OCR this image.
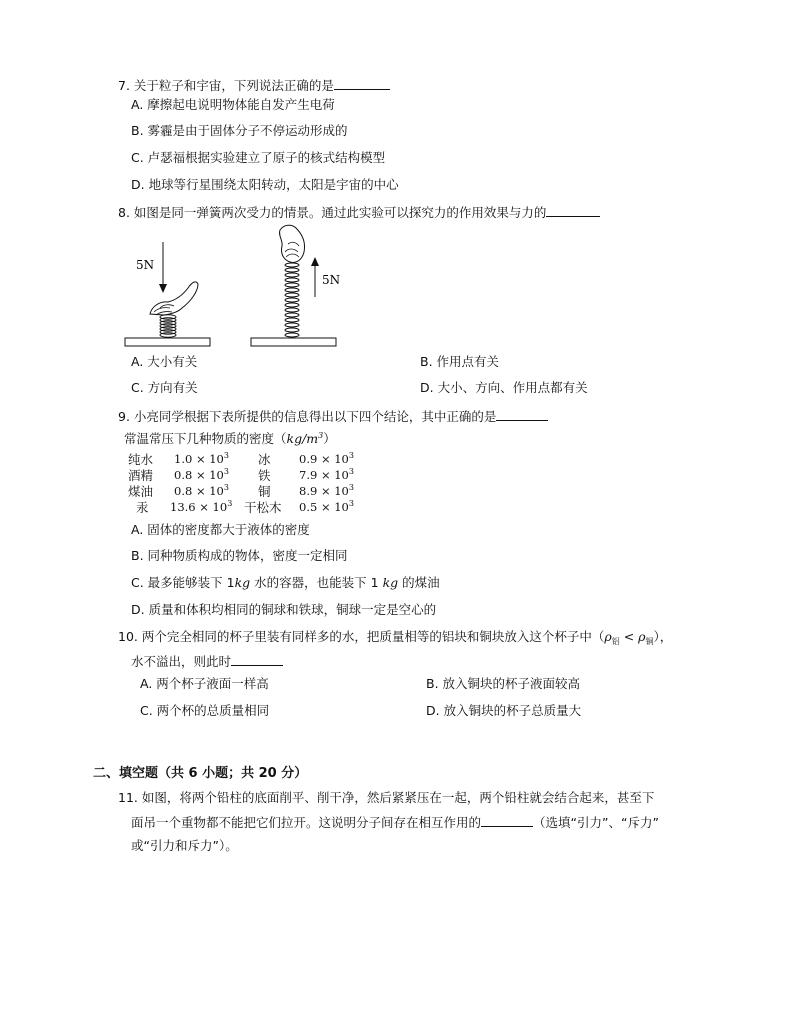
7. 关于粒子和宇宙，下列说法正确的是
A. 摩擦起电说明物体能自发产生电荷
B. 雾霾是由于固体分子不停运动形成的
C. 卢瑟福根据实验建立了原子的核式结构模型
D. 地球等行星围绕太阳转动，太阳是宇宙的中心
8. 如图是同一弹簧两次受力的情景。通过此实验可以探究力的作用效果与力的
5N
5N
A. 大小有关	B. 作用点有关
C. 方向有关	D. 大小、方向、作用点都有关
9. 小亮同学根据下表所提供的信息得出以下四个结论，其中正确的是
常温常压下几种物质的密度$(kg/m^3)$
纯水 $1.0 \times 10^3$ 冰 $0.9 \times 10^3$
酒精 $0.8 \times 10^3$ 铁 $7.9 \times 10^3$
煤油 $0.8 \times 10^3$ 铜 $8.9 \times 10^3$
汞 $13.6 \times 10^3$ 干松木 $0.5 \times 10^3$
A. 固体的密度都大于液体的密度
B. 同种物质构成的物体，密度一定相同
C. 最多能够装下 1kg 水的容器，也能装下 1 kg 的煤油
D. 质量和体积均相同的铜球和铁球，铜球一定是空心的
10. 两个完全相同的杯子里装有同样多的水，把质量相等的铝块和铜块放入这个杯子中$(\rho_铝 < \rho_铜)$，
水不溢出，则此时
A. 两个杯子液面一样高	B. 放入铜块的杯子液面较高
C. 两个杯的总质量相同	D. 放入铜块的杯子总质量大
二、填空题（共 6 小题；共 20 分）
11. 如图，将两个铅柱的底面削平、削干净，然后紧紧压在一起，两个铅柱就会结合起来，甚至下
面吊一个重物都不能把它们拉开。这说明分子间存在相互作用的	（选填“引力”、“斥力”
或“引力和斥力”）。
